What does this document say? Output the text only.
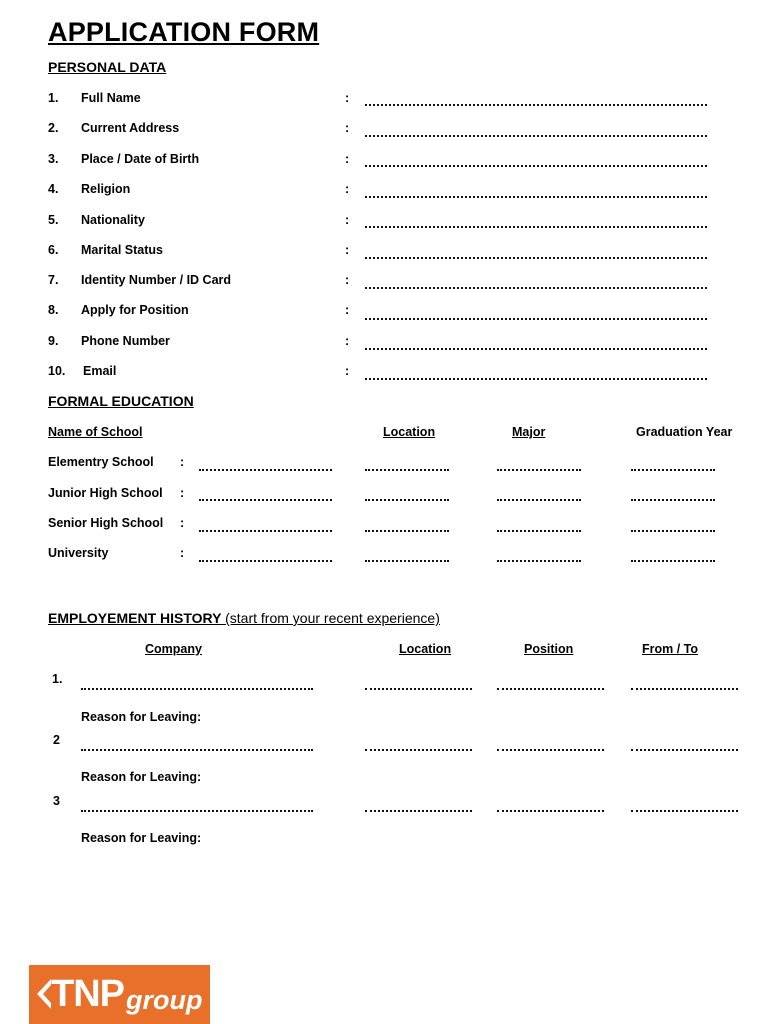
APPLICATION FORM
PERSONAL DATA
1. Full Name	:
2. Current Address	:
3. Place / Date of Birth	:
4. Religion	:
5. Nationality	:
6. Marital Status	:
7. Identity Number / ID Card	:
8. Apply for Position	:
9. Phone Number	:
10. Email	:
FORMAL EDUCATION
Name of School	Location	Major	Graduation Year
Elementry School :
Junior High School :
Senior High School :
University	:
EMPLOYEMENT HISTORY (start from your recent experience)
Company	Location	Position	From / To
1.
Reason for Leaving:
2
Reason for Leaving:
3
Reason for Leaving:
TNP group
